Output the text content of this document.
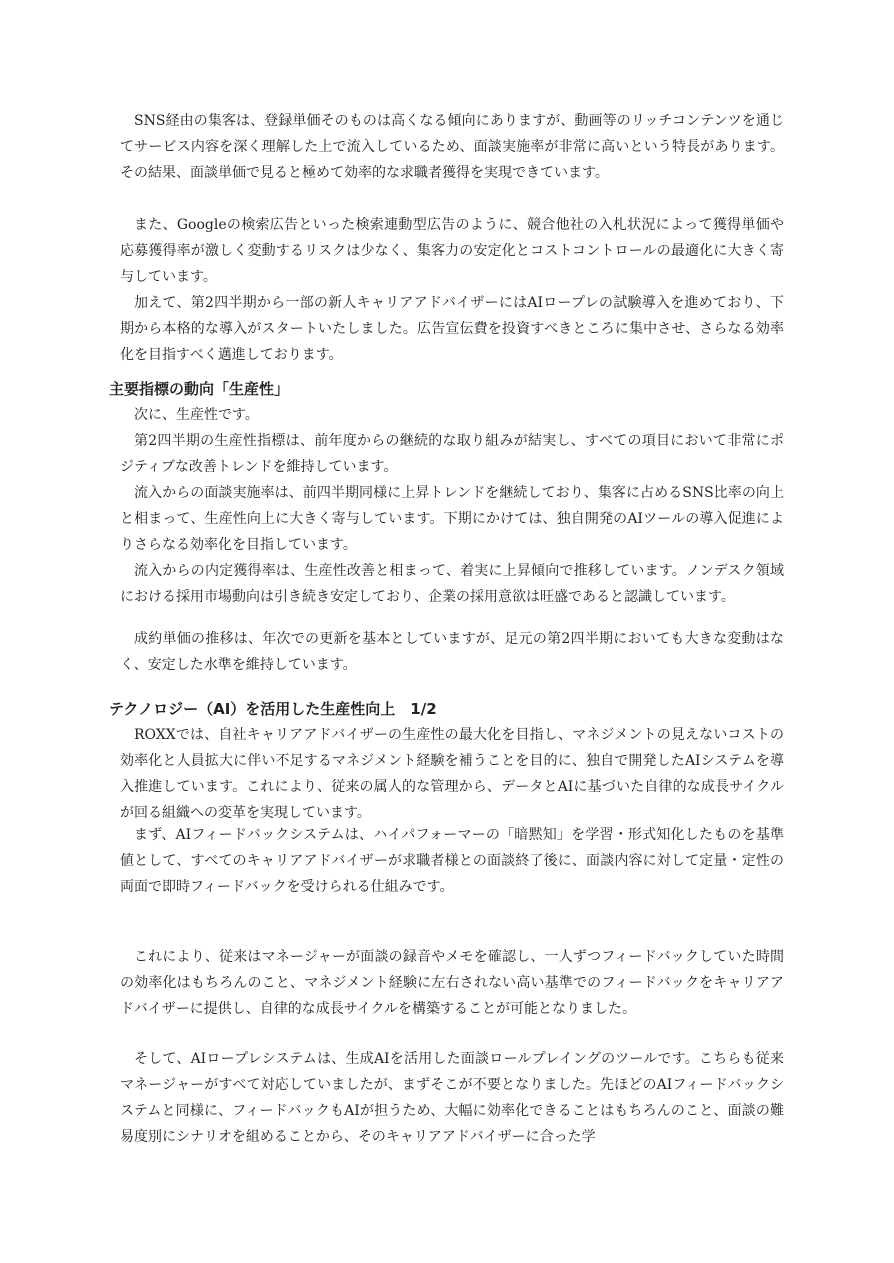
SNS経由の集客は、登録単価そのものは高くなる傾向にありますが、動画等のリッチコンテンツを通じてサービス内容を深く理解した上で流入しているため、面談実施率が非常に高いという特長があります。その結果、面談単価で見ると極めて効率的な求職者獲得を実現できています。

また、Googleの検索広告といった検索連動型広告のように、競合他社の入札状況によって獲得単価や応募獲得率が激しく変動するリスクは少なく、集客力の安定化とコストコントロールの最適化に大きく寄与しています。

加えて、第2四半期から一部の新人キャリアアドバイザーにはAIロープレの試験導入を進めており、下期から本格的な導入がスタートいたしました。広告宣伝費を投資すべきところに集中させ、さらなる効率化を目指すべく邁進しております。

主要指標の動向「生産性」

次に、生産性です。

第2四半期の生産性指標は、前年度からの継続的な取り組みが結実し、すべての項目において非常にポジティブな改善トレンドを維持しています。

流入からの面談実施率は、前四半期同様に上昇トレンドを継続しており、集客に占めるSNS比率の向上と相まって、生産性向上に大きく寄与しています。下期にかけては、独自開発のAIツールの導入促進によりさらなる効率化を目指しています。

流入からの内定獲得率は、生産性改善と相まって、着実に上昇傾向で推移しています。ノンデスク領域における採用市場動向は引き続き安定しており、企業の採用意欲は旺盛であると認識しています。

成約単価の推移は、年次での更新を基本としていますが、足元の第2四半期においても大きな変動はなく、安定した水準を維持しています。

テクノロジー（AI）を活用した生産性向上　1/2

ROXXでは、自社キャリアアドバイザーの生産性の最大化を目指し、マネジメントの見えないコストの効率化と人員拡大に伴い不足するマネジメント経験を補うことを目的に、独自で開発したAIシステムを導入推進しています。これにより、従来の属人的な管理から、データとAIに基づいた自律的な成長サイクルが回る組織への変革を実現しています。

まず、AIフィードバックシステムは、ハイパフォーマーの「暗黙知」を学習・形式知化したものを基準値として、すべてのキャリアアドバイザーが求職者様との面談終了後に、面談内容に対して定量・定性の両面で即時フィードバックを受けられる仕組みです。

これにより、従来はマネージャーが面談の録音やメモを確認し、一人ずつフィードバックしていた時間の効率化はもちろんのこと、マネジメント経験に左右されない高い基準でのフィードバックをキャリアアドバイザーに提供し、自律的な成長サイクルを構築することが可能となりました。

そして、AIロープレシステムは、生成AIを活用した面談ロールプレイングのツールです。こちらも従来マネージャーがすべて対応していましたが、まずそこが不要となりました。先ほどのAIフィードバックシステムと同様に、フィードバックもAIが担うため、大幅に効率化できることはもちろんのこと、面談の難易度別にシナリオを組めることから、そのキャリアアドバイザーに合った学
